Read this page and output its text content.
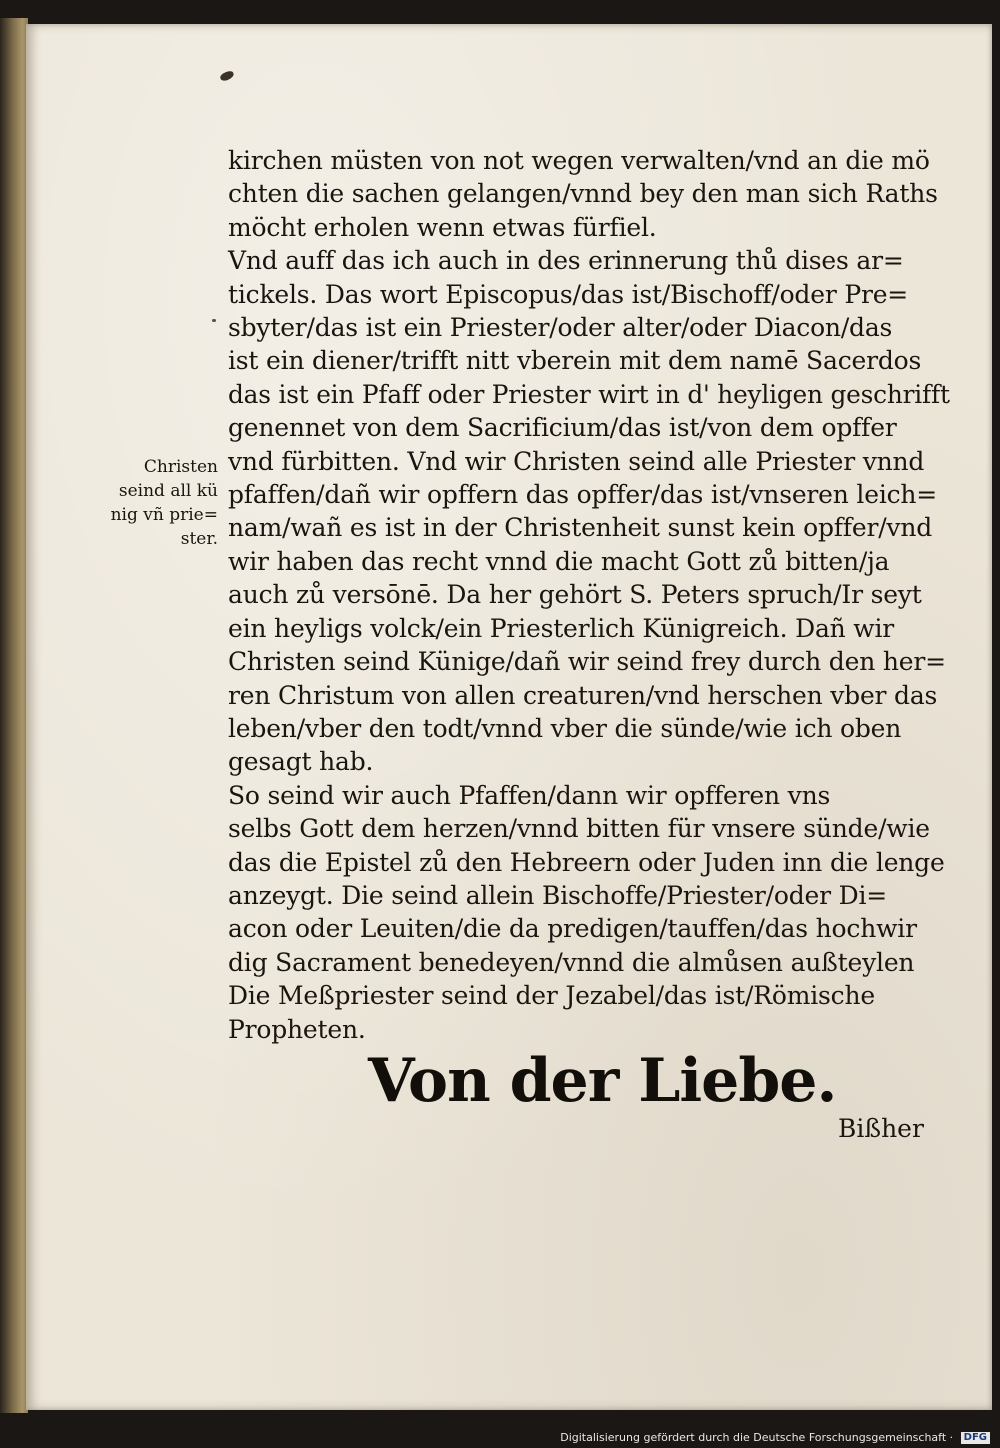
kirchen müsten von not wegen verwalten/vnd an die mö
chten die sachen gelangen/vnnd bey den man sich Raths
möcht erholen wenn etwas fürfiel.
Vnd auff das ich auch in des erinnerung thů dises ar=
tickels. Das wort Episcopus/das ist/Bischoff/oder Pre=
sbyter/das ist ein Priester/oder alter/oder Diacon/das
ist ein diener/trifft nitt vberein mit dem namē Sacerdos
das ist ein Pfaff oder Priester wirt in d' heyligen geschrifft
genennet von dem Sacrificium/das ist/von dem opffer
vnd fürbitten. Vnd wir Christen seind alle Priester vnnd
pfaffen/dañ wir opffern das opffer/das ist/vnseren leich=
nam/wañ es ist in der Christenheit sunst kein opffer/vnd
wir haben das recht vnnd die macht Gott zů bitten/ja
auch zů versōnē. Da her gehört S. Peters spruch/Ir seyt
ein heyligs volck/ein Priesterlich Künigreich. Dañ wir
Christen seind Künige/dañ wir seind frey durch den her=
ren Christum von allen creaturen/vnd herschen vber das
leben/vber den todt/vnnd vber die sünde/wie ich oben
gesagt hab.
So seind wir auch Pfaffen/dann wir opfferen vns
selbs Gott dem herzen/vnnd bitten für vnsere sünde/wie
das die Epistel zů den Hebreern oder Juden inn die lenge
anzeygt. Die seind allein Bischoffe/Priester/oder Di=
acon oder Leuiten/die da predigen/tauffen/das hochwir
dig Sacrament benedeyen/vnnd die almůsen außteylen
Die Meßpriester seind der Jezabel/das ist/Römische
Propheten.
Christen
seind all kü
nig vñ prie=
ster.
Von der Liebe.
Bißher
Digitalisierung gefördert durch die Deutsche Forschungsgemeinschaft · DFG
